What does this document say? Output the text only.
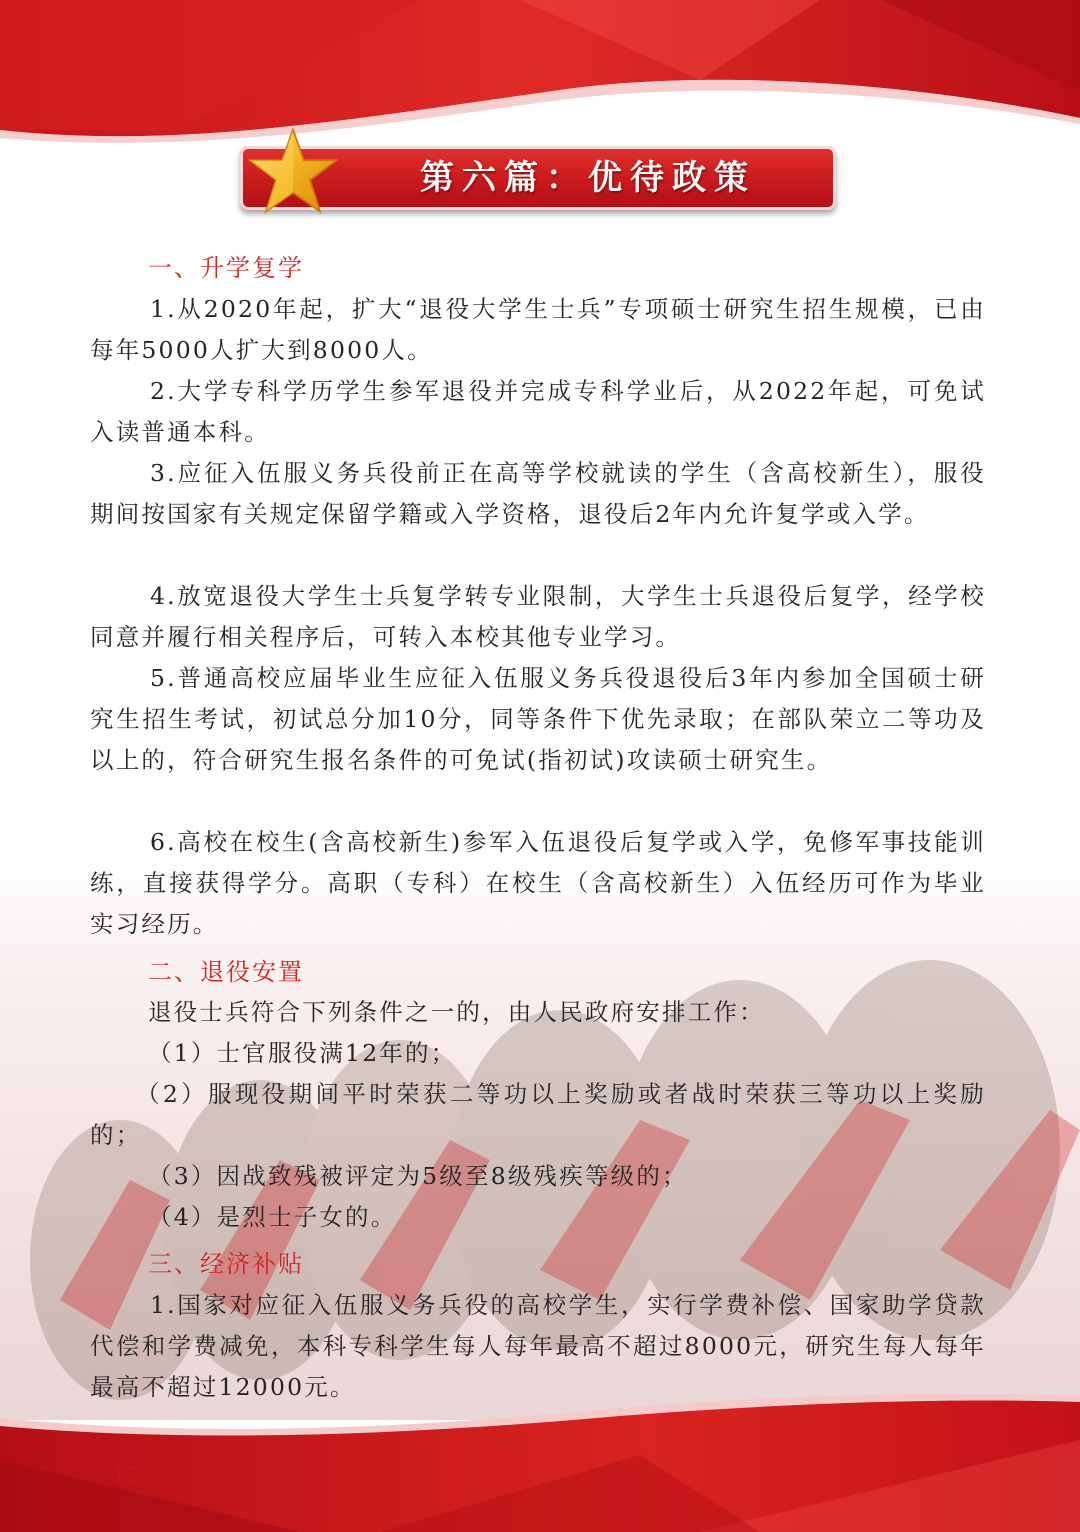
第六篇：优待政策
一、升学复学
1.从2020年起，扩大“退役大学生士兵”专项硕士研究生招生规模，已由每年5000人扩大到8000人。
2.大学专科学历学生参军退役并完成专科学业后，从2022年起，可免试入读普通本科。
3.应征入伍服义务兵役前正在高等学校就读的学生（含高校新生），服役期间按国家有关规定保留学籍或入学资格，退役后2年内允许复学或入学。
4.放宽退役大学生士兵复学转专业限制，大学生士兵退役后复学，经学校同意并履行相关程序后，可转入本校其他专业学习。
5.普通高校应届毕业生应征入伍服义务兵役退役后3年内参加全国硕士研究生招生考试，初试总分加10分，同等条件下优先录取；在部队荣立二等功及以上的，符合研究生报名条件的可免试(指初试)攻读硕士研究生。
6.高校在校生(含高校新生)参军入伍退役后复学或入学，免修军事技能训练，直接获得学分。高职（专科）在校生（含高校新生）入伍经历可作为毕业实习经历。
二、退役安置
退役士兵符合下列条件之一的，由人民政府安排工作：
（1）士官服役满12年的；
（2）服现役期间平时荣获二等功以上奖励或者战时荣获三等功以上奖励的；
（3）因战致残被评定为5级至8级残疾等级的；
（4）是烈士子女的。
三、经济补贴
1.国家对应征入伍服义务兵役的高校学生，实行学费补偿、国家助学贷款代偿和学费减免，本科专科学生每人每年最高不超过8000元，研究生每人每年最高不超过12000元。
-12-
